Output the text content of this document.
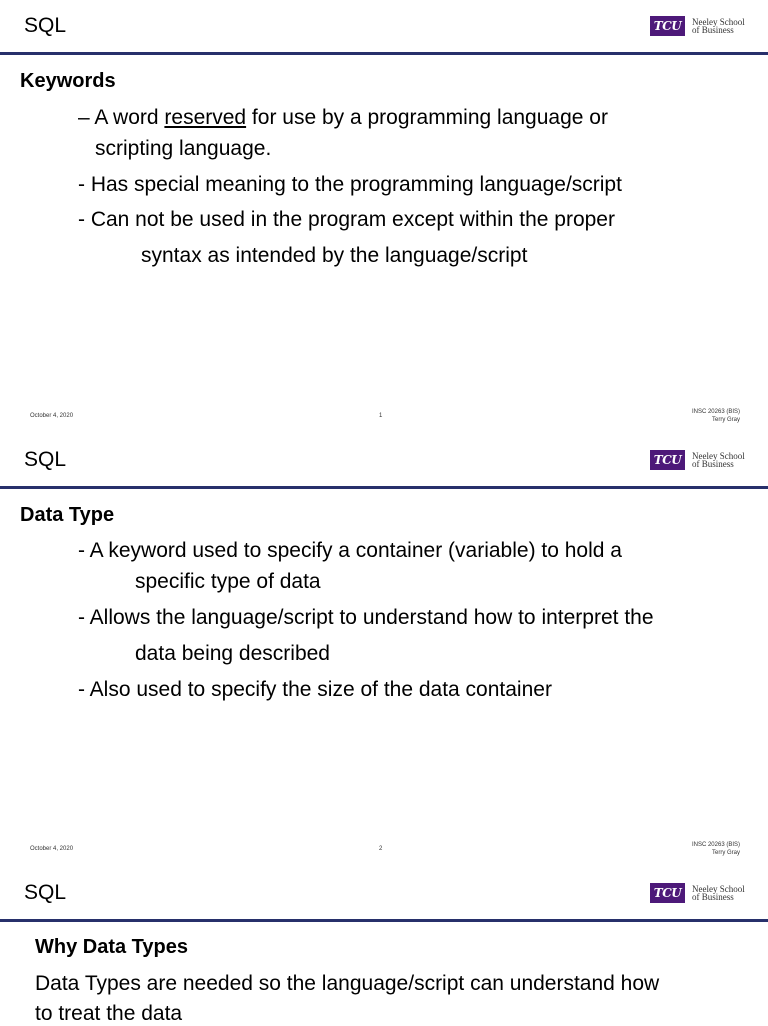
SQL	TCU	Neeley School
of Business
Keywords
– A word reserved for use by a programming language or
scripting language.
- Has special meaning to the programming language/script
- Can not be used in the program except within the proper
syntax as intended by the language/script
October 4, 2020	1
INSC 20263 (BIS)
Terry Gray
SQL	TCU	Neeley School
of Business
Data Type
- A keyword used to specify a container (variable) to hold a
specific type of data
- Allows the language/script to understand how to interpret the
data being described
- Also used to specify the size of the data container
October 4, 2020	2
INSC 20263 (BIS)
Terry Gray
SQL	TCU	Neeley School
of Business
Why Data Types
Data Types are needed so the language/script can understand how
to treat the data
